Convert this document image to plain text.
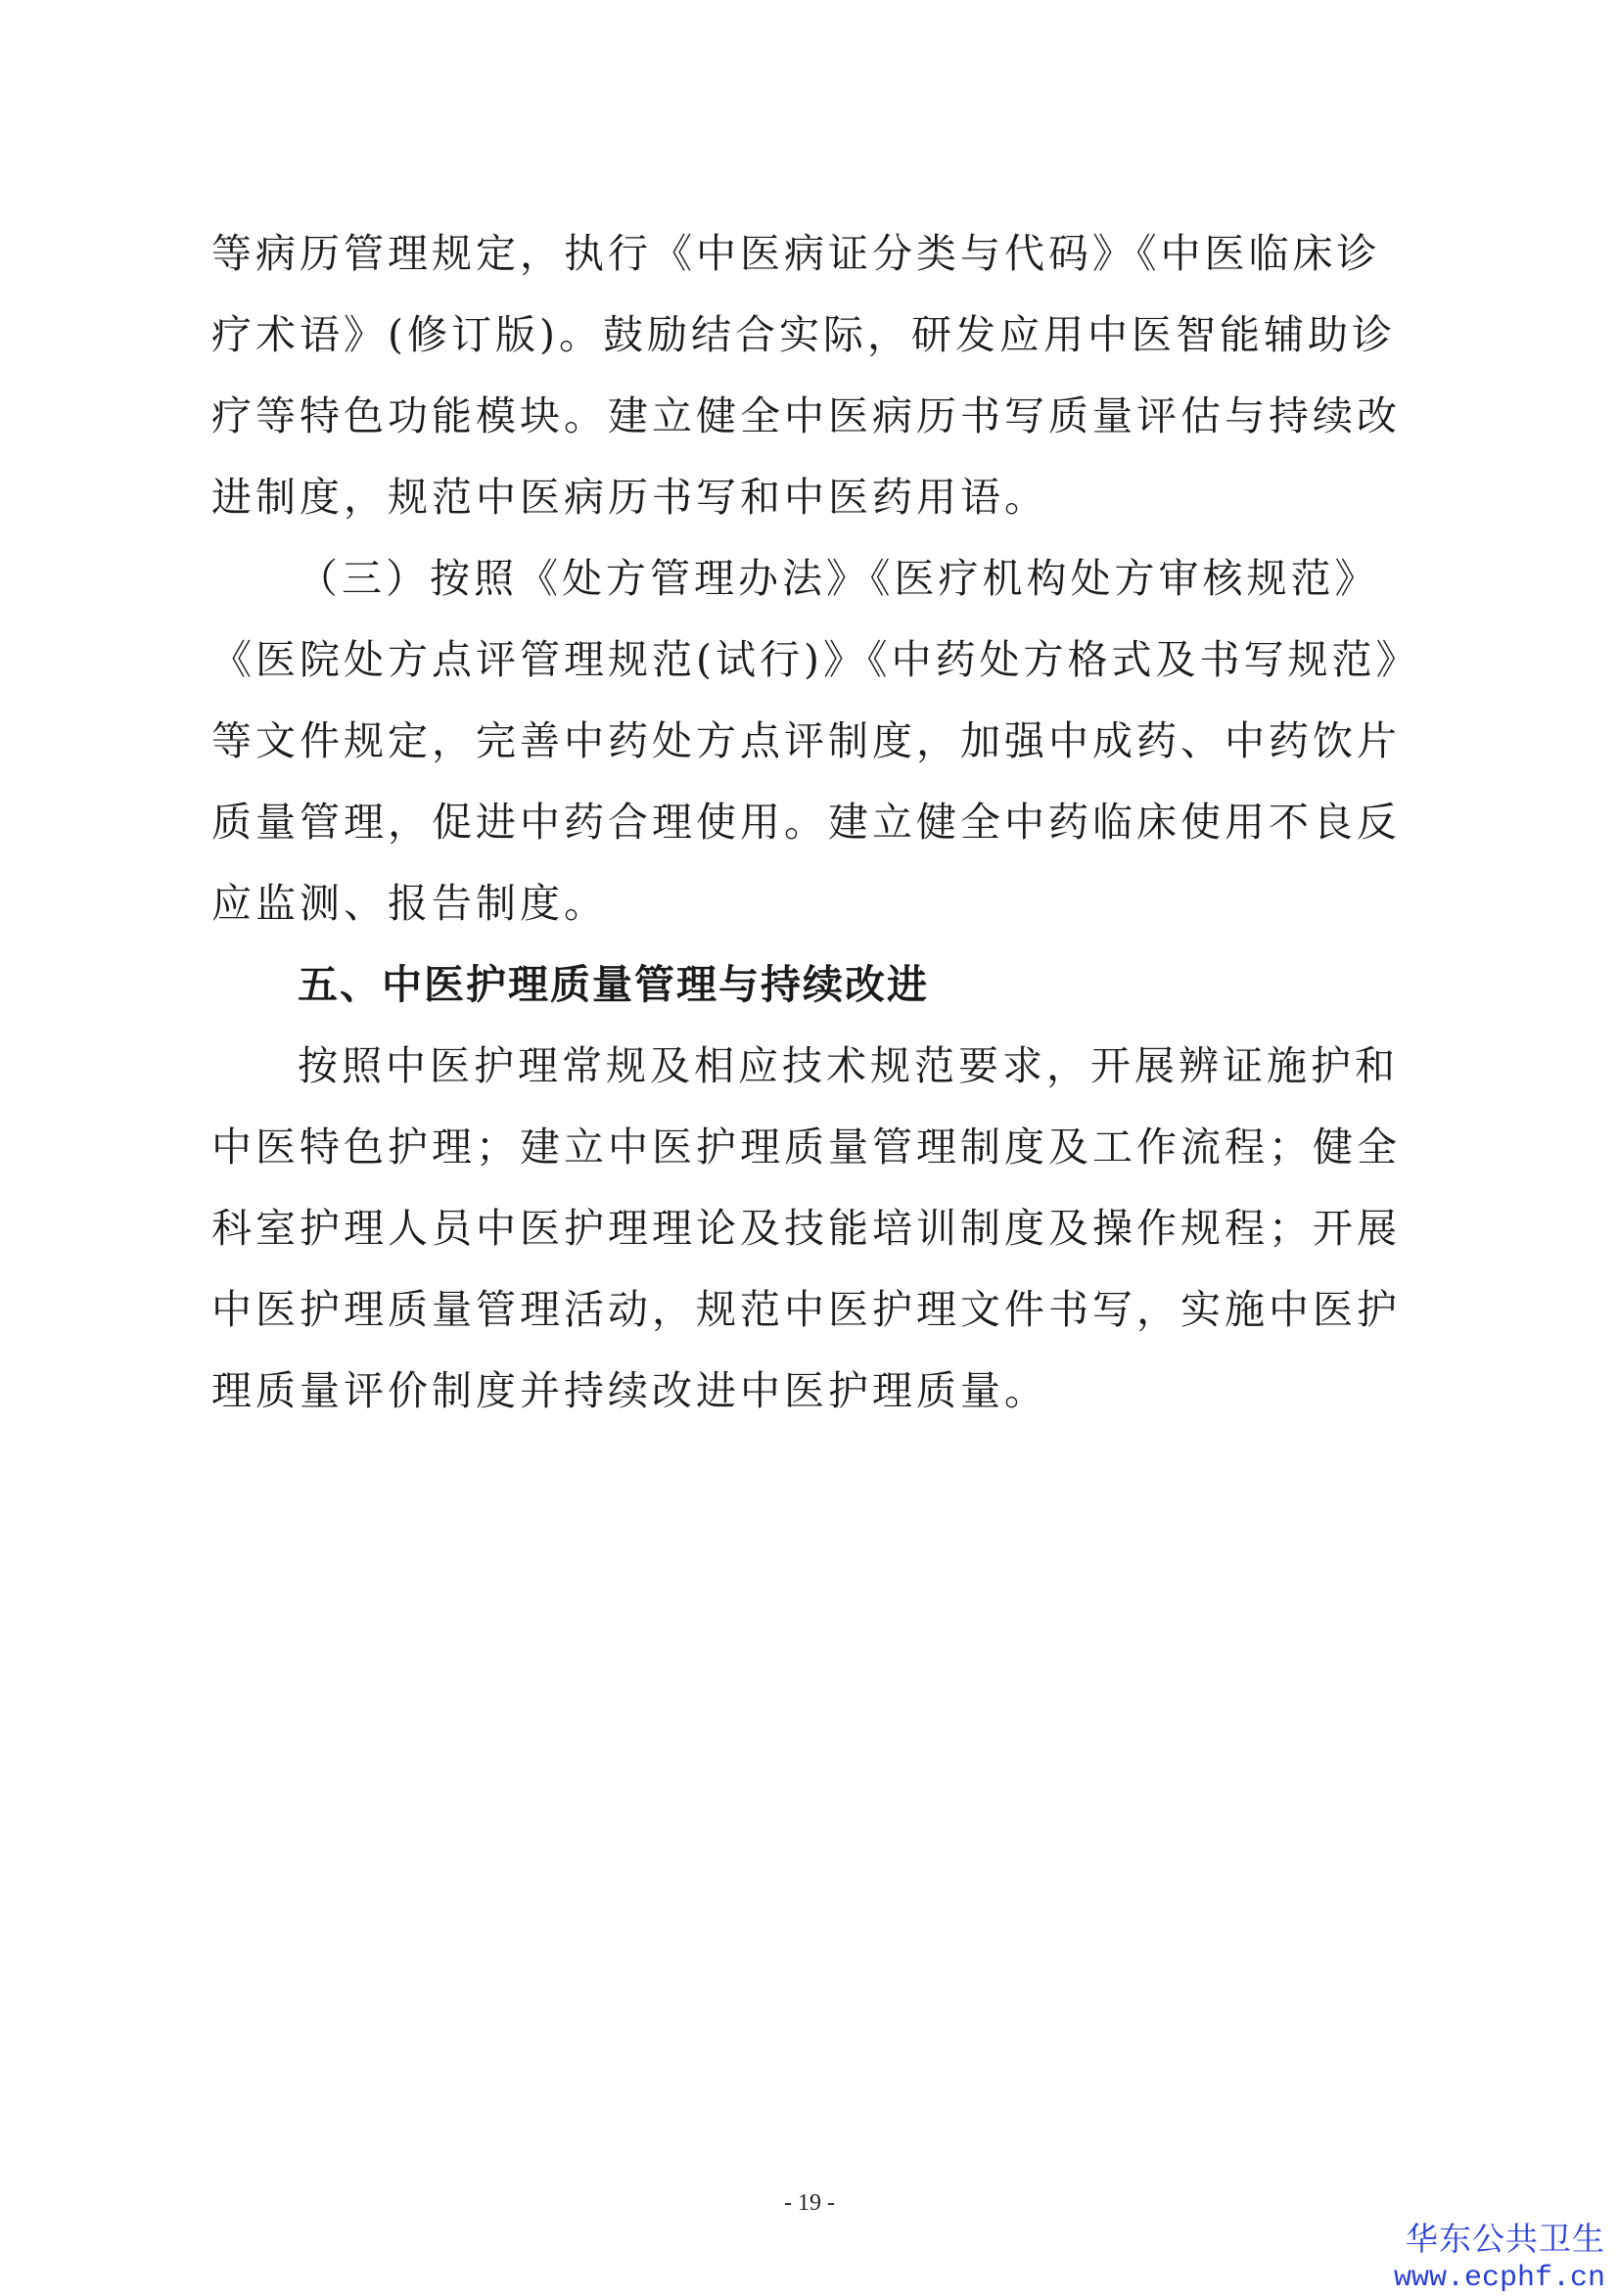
等病历管理规定，执行《中医病证分类与代码》《中医临床诊
疗术语》(修订版)。鼓励结合实际，研发应用中医智能辅助诊
疗等特色功能模块。建立健全中医病历书写质量评估与持续改
进制度，规范中医病历书写和中医药用语。
（三）按照《处方管理办法》《医疗机构处方审核规范》
《医院处方点评管理规范(试行)》《中药处方格式及书写规范》
等文件规定，完善中药处方点评制度，加强中成药、中药饮片
质量管理，促进中药合理使用。建立健全中药临床使用不良反
应监测、报告制度。
五、中医护理质量管理与持续改进
按照中医护理常规及相应技术规范要求，开展辨证施护和
中医特色护理；建立中医护理质量管理制度及工作流程；健全
科室护理人员中医护理理论及技能培训制度及操作规程；开展
中医护理质量管理活动，规范中医护理文件书写，实施中医护
理质量评价制度并持续改进中医护理质量。
- 19 -
华东公共卫生
www.ecphf.cn
